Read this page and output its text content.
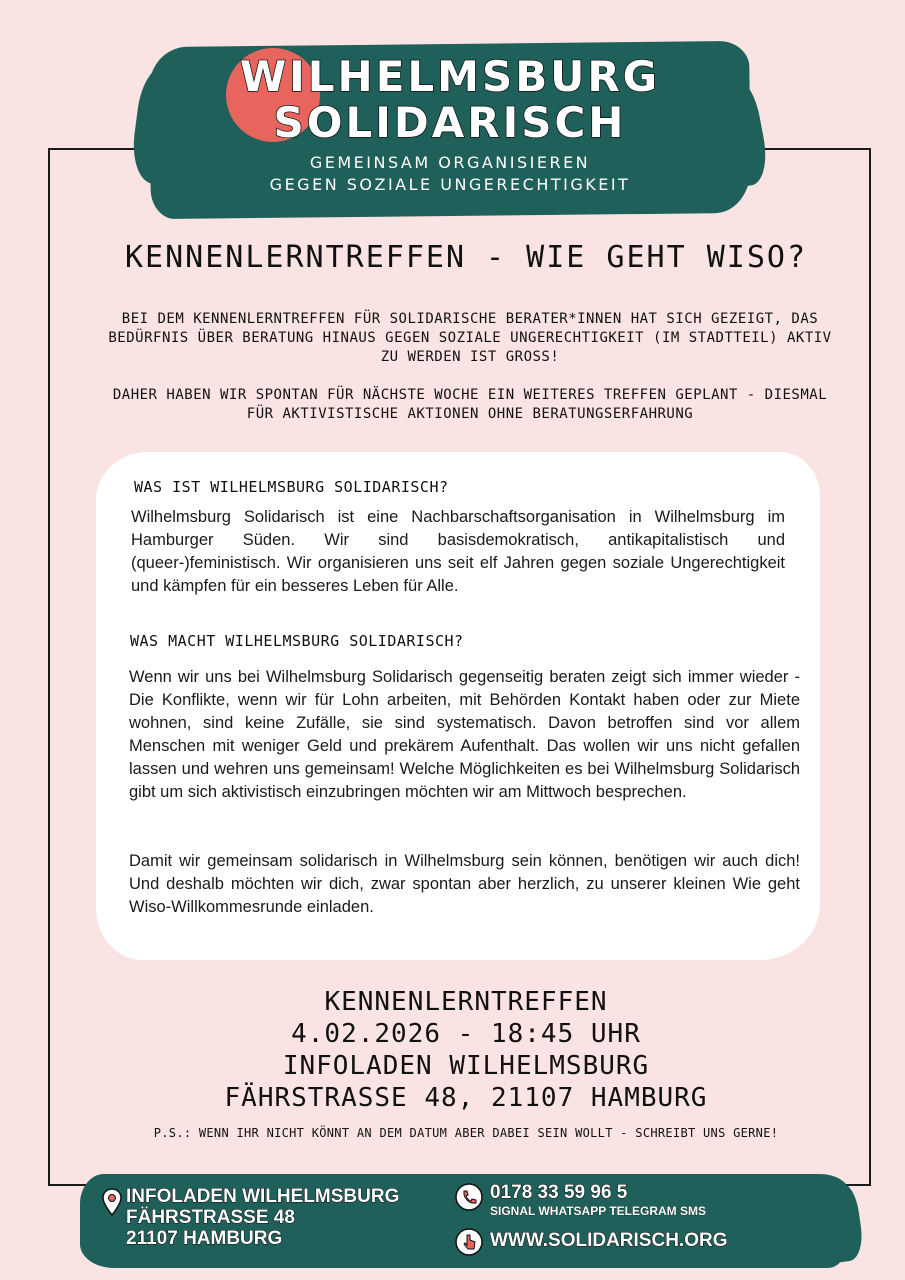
WILHELMSBURG
SOLIDARISCH
GEMEINSAM ORGANISIEREN
GEGEN SOZIALE UNGERECHTIGKEIT
KENNENLERNTREFFEN - WIE GEHT WISO?
BEI DEM KENNENLERNTREFFEN FÜR SOLIDARISCHE BERATER*INNEN HAT SICH GEZEIGT, DAS BEDÜRFNIS ÜBER BERATUNG HINAUS GEGEN SOZIALE UNGERECHTIGKEIT (IM STADTTEIL) AKTIV ZU WERDEN IST GROSS!
DAHER HABEN WIR SPONTAN FÜR NÄCHSTE WOCHE EIN WEITERES TREFFEN GEPLANT - DIESMAL FÜR AKTIVISTISCHE AKTIONEN OHNE BERATUNGSERFAHRUNG
WAS IST WILHELMSBURG SOLIDARISCH?
Wilhelmsburg Solidarisch ist eine Nachbarschaftsorganisation in Wilhelmsburg im Hamburger Süden. Wir sind basisdemokratisch, antikapitalistisch und (queer-)feministisch. Wir organisieren uns seit elf Jahren gegen soziale Ungerechtigkeit und kämpfen für ein besseres Leben für Alle.
WAS MACHT WILHELMSBURG SOLIDARISCH?
Wenn wir uns bei Wilhelmsburg Solidarisch gegenseitig beraten zeigt sich immer wieder - Die Konflikte, wenn wir für Lohn arbeiten, mit Behörden Kontakt haben oder zur Miete wohnen, sind keine Zufälle, sie sind systematisch. Davon betroffen sind vor allem Menschen mit weniger Geld und prekärem Aufenthalt. Das wollen wir uns nicht gefallen lassen und wehren uns gemeinsam! Welche Möglichkeiten es bei Wilhelmsburg Solidarisch gibt um sich aktivistisch einzubringen möchten wir am Mittwoch besprechen.
Damit wir gemeinsam solidarisch in Wilhelmsburg sein können, benötigen wir auch dich! Und deshalb möchten wir dich, zwar spontan aber herzlich, zu unserer kleinen Wie geht Wiso-Willkommesrunde einladen.
KENNENLERNTREFFEN
4.02.2026 - 18:45 UHR
INFOLADEN WILHELMSBURG
FÄHRSTRASSE 48, 21107 HAMBURG
P.S.: WENN IHR NICHT KÖNNT AN DEM DATUM ABER DABEI SEIN WOLLT - SCHREIBT UNS GERNE!
INFOLADEN WILHELMSBURG
FÄHRSTRASSE 48
21107 HAMBURG
0178 33 59 96 5
SIGNAL WHATSAPP TELEGRAM SMS
WWW.SOLIDARISCH.ORG
